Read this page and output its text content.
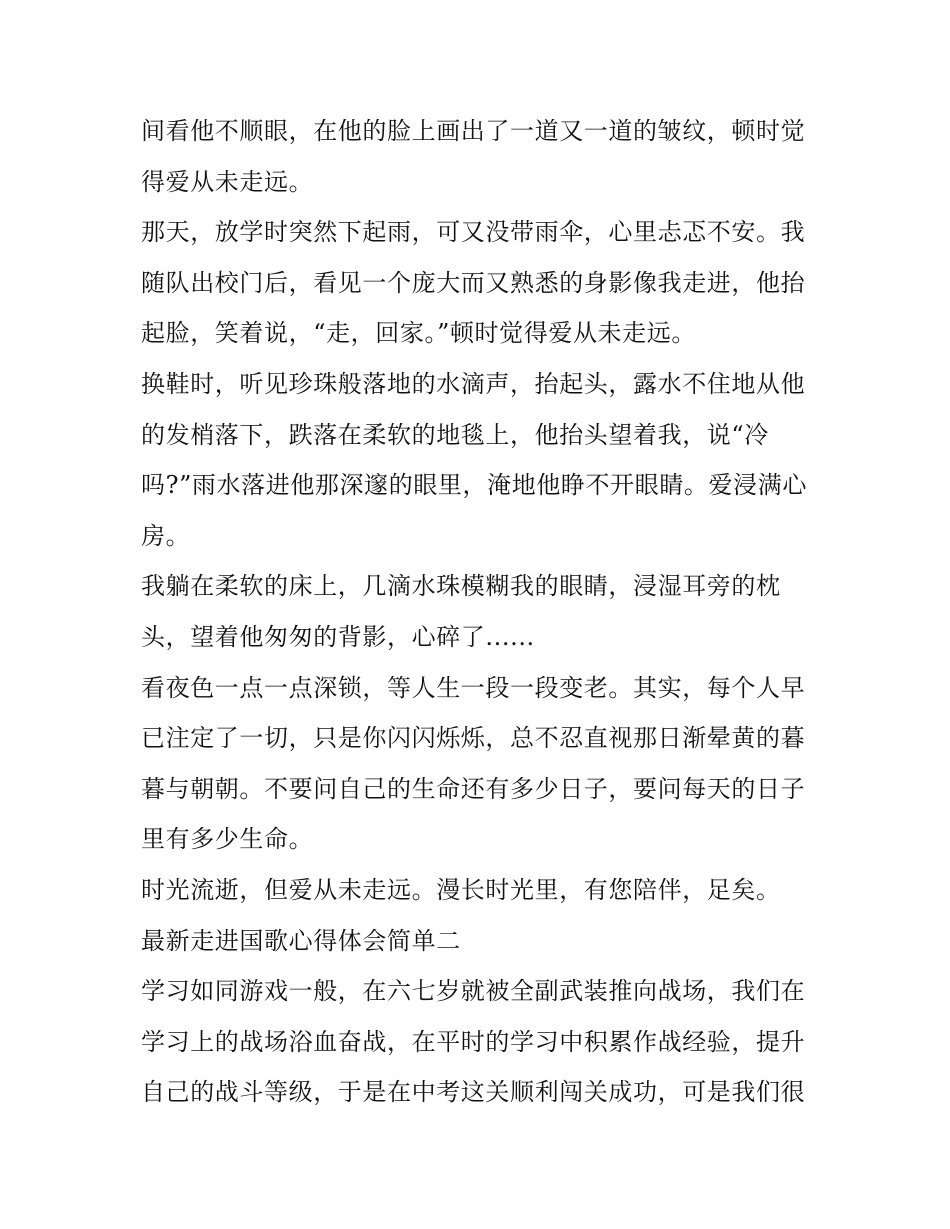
间看他不顺眼，在他的脸上画出了一道又一道的皱纹，顿时觉
得爱从未走远。
那天，放学时突然下起雨，可又没带雨伞，心里忐忑不安。我
随队出校门后，看见一个庞大而又熟悉的身影像我走进，他抬
起脸，笑着说，“走，回家。”顿时觉得爱从未走远。
换鞋时，听见珍珠般落地的水滴声，抬起头，露水不住地从他
的发梢落下，跌落在柔软的地毯上，他抬头望着我，说“冷
吗?”雨水落进他那深邃的眼里，淹地他睁不开眼睛。爱浸满心
房。
我躺在柔软的床上，几滴水珠模糊我的眼睛，浸湿耳旁的枕
头，望着他匆匆的背影，心碎了......
看夜色一点一点深锁，等人生一段一段变老。其实，每个人早
已注定了一切，只是你闪闪烁烁，总不忍直视那日渐晕黄的暮
暮与朝朝。不要问自己的生命还有多少日子，要问每天的日子
里有多少生命。
时光流逝，但爱从未走远。漫长时光里，有您陪伴，足矣。
最新走进国歌心得体会简单二
学习如同游戏一般，在六七岁就被全副武装推向战场，我们在
学习上的战场浴血奋战，在平时的学习中积累作战经验，提升
自己的战斗等级，于是在中考这关顺利闯关成功，可是我们很
